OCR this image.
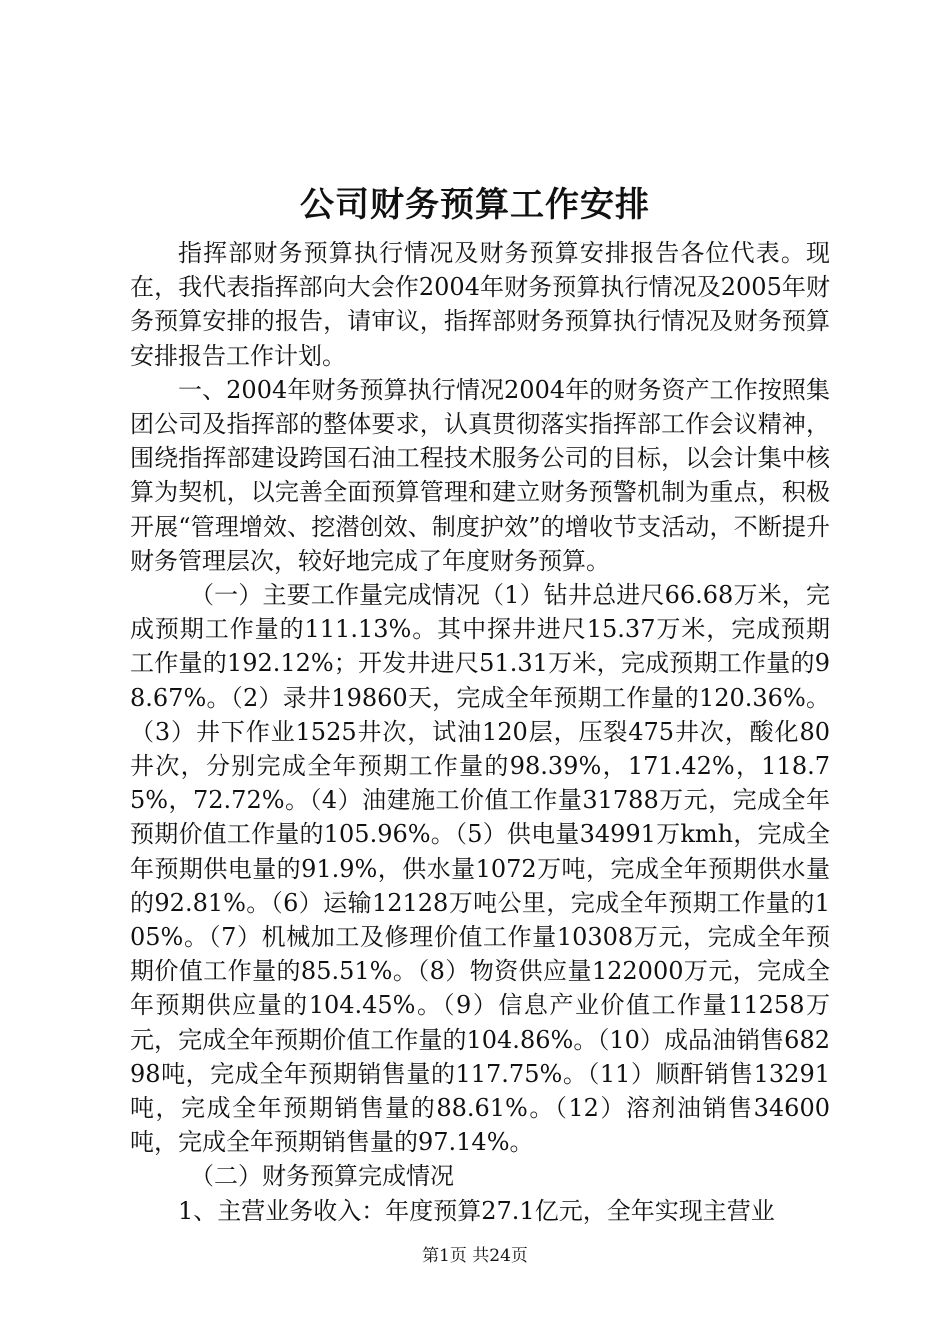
公司财务预算工作安排

指挥部财务预算执行情况及财务预算安排报告各位代表。现在，我代表指挥部向大会作2004年财务预算执行情况及2005年财务预算安排的报告，请审议，指挥部财务预算执行情况及财务预算安排报告工作计划。

一、2004年财务预算执行情况2004年的财务资产工作按照集团公司及指挥部的整体要求，认真贯彻落实指挥部工作会议精神，围绕指挥部建设跨国石油工程技术服务公司的目标，以会计集中核算为契机，以完善全面预算管理和建立财务预警机制为重点，积极开展“管理增效、挖潜创效、制度护效”的增收节支活动，不断提升财务管理层次，较好地完成了年度财务预算。

（一）主要工作量完成情况（1）钻井总进尺66.68万米，完成预期工作量的111.13%。其中探井进尺15.37万米，完成预期工作量的192.12%；开发井进尺51.31万米，完成预期工作量的98.67%。（2）录井19860天，完成全年预期工作量的120.36%。（3）井下作业1525井次，试油120层，压裂475井次，酸化80井次，分别完成全年预期工作量的98.39%，171.42%，118.75%，72.72%。（4）油建施工价值工作量31788万元，完成全年预期价值工作量的105.96%。（5）供电量34991万kmh，完成全年预期供电量的91.9%，供水量1072万吨，完成全年预期供水量的92.81%。（6）运输12128万吨公里，完成全年预期工作量的105%。（7）机械加工及修理价值工作量10308万元，完成全年预期价值工作量的85.51%。（8）物资供应量122000万元，完成全年预期供应量的104.45%。（9）信息产业价值工作量11258万元，完成全年预期价值工作量的104.86%。（10）成品油销售68298吨，完成全年预期销售量的117.75%。（11）顺酐销售13291吨，完成全年预期销售量的88.61%。（12）溶剂油销售34600吨，完成全年预期销售量的97.14%。

（二）财务预算完成情况

1、主营业务收入：年度预算27.1亿元，全年实现主营业

第1页 共24页
